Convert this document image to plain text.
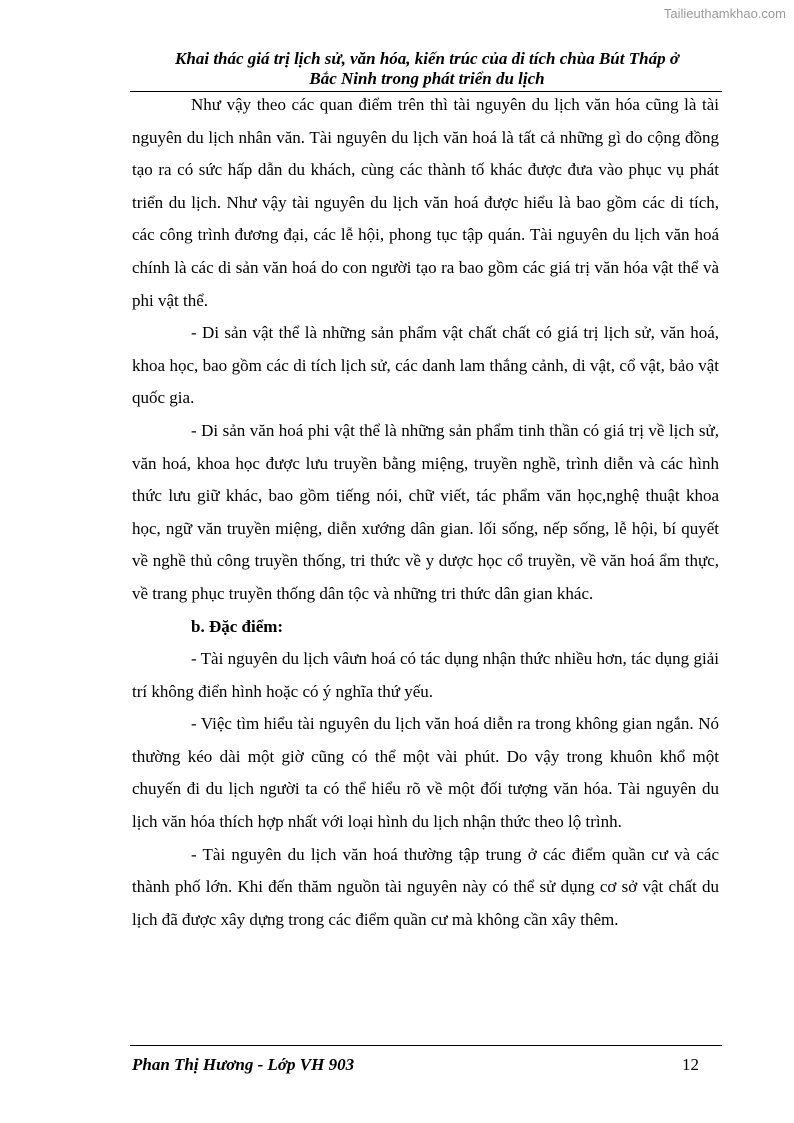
Tailieuthamkhao.com
Khai thác giá trị lịch sử, văn hóa, kiến trúc của di tích chùa Bút Tháp ở
Bắc Ninh trong phát triển du lịch

Như vậy theo các quan điểm trên thì tài nguyên du lịch văn hóa cũng là tài nguyên du lịch nhân văn. Tài nguyên du lịch văn hoá là tất cả những gì do cộng đồng tạo ra có sức hấp dẫn du khách, cùng các thành tố khác được đưa vào phục vụ phát triển du lịch. Như vậy tài nguyên du lịch văn hoá được hiểu là bao gồm các di tích, các công trình đương đại, các lễ hội, phong tục tập quán. Tài nguyên du lịch văn hoá chính là các di sản văn hoá do con người tạo ra bao gồm các giá trị văn hóa vật thể và phi vật thể.

- Di sản vật thể là những sản phẩm vật chất chất có giá trị lịch sử, văn hoá, khoa học, bao gồm các di tích lịch sử, các danh lam thắng cảnh, di vật, cổ vật, bảo vật quốc gia.

- Di sản văn hoá phi vật thể là những sản phẩm tinh thần có giá trị về lịch sử, văn hoá, khoa học được lưu truyền bằng miệng, truyền nghề, trình diễn và các hình thức lưu giữ khác, bao gồm tiếng nói, chữ viết, tác phẩm văn học,nghệ thuật khoa học, ngữ văn truyền miệng, diễn xướng dân gian. lối sống, nếp sống, lễ hội, bí quyết về nghề thủ công truyền thống, tri thức về y dược học cổ truyền, về văn hoá ẩm thực, về trang phục truyền thống dân tộc và những tri thức dân gian khác.

b. Đặc điểm:

- Tài nguyên du lịch vâưn hoá có tác dụng nhận thức nhiều hơn, tác dụng giải trí không điển hình hoặc có ý nghĩa thứ yếu.

- Việc tìm hiểu tài nguyên du lịch văn hoá diễn ra trong không gian ngắn. Nó thường kéo dài một giờ cũng có thể một vài phút. Do vậy trong khuôn khổ một chuyến đi du lịch người ta có thể hiểu rõ về một đối tượng văn hóa. Tài nguyên du lịch văn hóa thích hợp nhất với loại hình du lịch nhận thức theo lộ trình.

- Tài nguyên du lịch văn hoá thường tập trung ở các điểm quần cư và các thành phố lớn. Khi đến thăm nguồn tài nguyên này có thể sử dụng cơ sở vật chất du lịch đã được xây dựng trong các điểm quần cư mà không cần xây thêm.

Phan Thị Hương - Lớp VH 903	12
